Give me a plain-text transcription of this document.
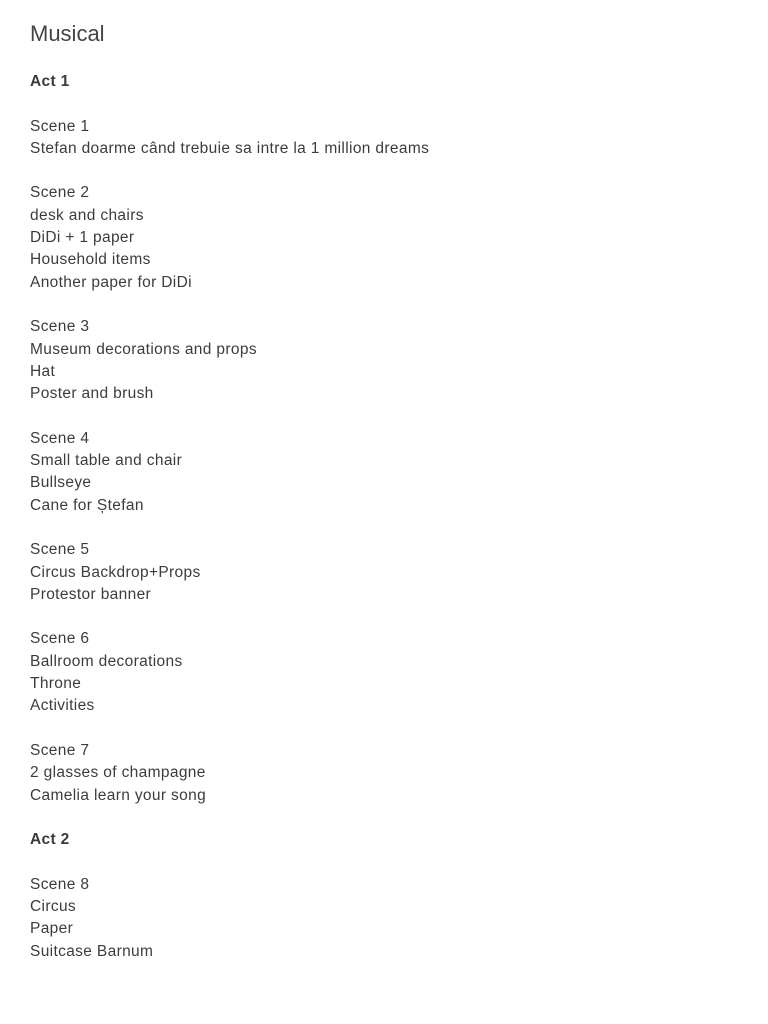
Musical
Act 1
Scene 1
Stefan doarme când trebuie sa intre la 1 million dreams
Scene 2
desk and chairs
DiDi + 1 paper
Household items
Another paper for DiDi
Scene 3
Museum decorations and props
Hat
Poster and brush
Scene 4
Small table and chair
Bullseye
Cane for Ștefan
Scene 5
Circus Backdrop+Props
Protestor banner
Scene 6
Ballroom decorations
Throne
Activities
Scene 7
2 glasses of champagne
Camelia learn your song
Act 2
Scene 8
Circus
Paper
Suitcase Barnum
